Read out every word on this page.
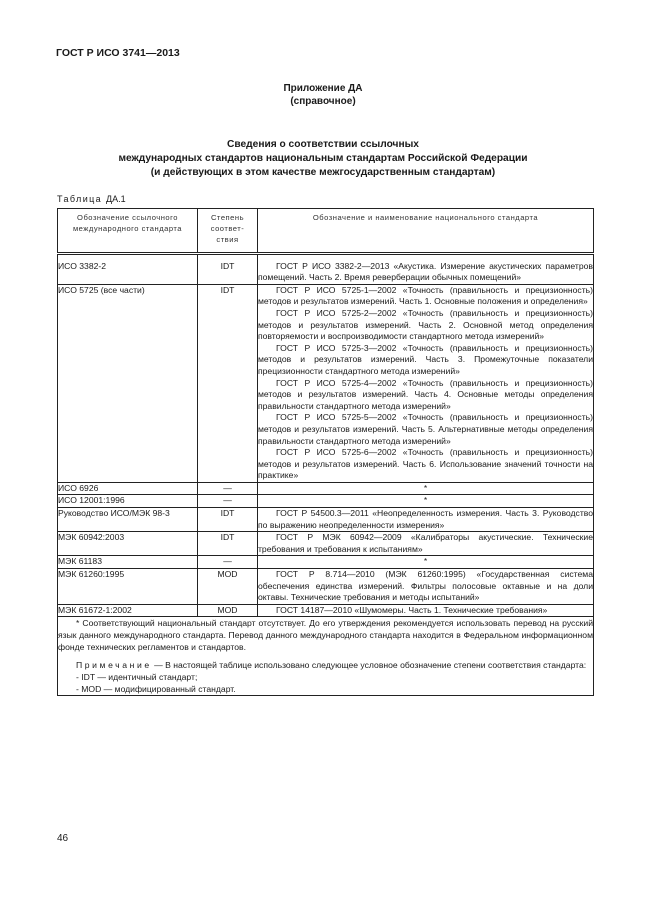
ГОСТ Р ИСО 3741—2013
Приложение ДА
(справочное)
Сведения о соответствии ссылочных
международных стандартов национальным стандартам Российской Федерации
(и действующих в этом качестве межгосударственным стандартам)
Таблица ДА.1
Обозначение ссылочного международного стандарта	Степень соответ-ствия	Обозначение и наименование национального стандарта
ИСО 3382-2	IDT	ГОСТ Р ИСО 3382-2—2013 «Акустика. Измерение акустических параметров помещений. Часть 2. Время реверберации обычных помещений»

ИСО 5725 (все части)	IDT	ГОСТ Р ИСО 5725-1—2002 «Точность (правильность и прецизионность) методов и результатов измерений. Часть 1. Основные положения и определения»
ГОСТ Р ИСО 5725-2—2002 «Точность (правильность и прецизионность) методов и результатов измерений. Часть 2. Основной метод определения повторяемости и воспроизводимости стандартного метода измерений»
ГОСТ Р ИСО 5725-3—2002 «Точность (правильность и прецизионность) методов и результатов измерений. Часть 3. Промежуточные показатели прецизионности стандартного метода измерений»
ГОСТ Р ИСО 5725-4—2002 «Точность (правильность и прецизионность) методов и результатов измерений. Часть 4. Основные методы определения правильности стандартного метода измерений»
ГОСТ Р ИСО 5725-5—2002 «Точность (правильность и прецизионность) методов и результатов измерений. Часть 5. Альтернативные методы определения правильности стандартного метода измерений»
ГОСТ Р ИСО 5725-6—2002 «Точность (правильность и прецизионность) методов и результатов измерений. Часть 6. Использование значений точности на практике»

ИСО 6926	—	*
ИСО 12001:1996	—	*
Руководство ИСО/МЭК 98-3	IDT	ГОСТ Р 54500.3—2011 «Неопределенность измерения. Часть 3. Руководство по выражению неопределенности измерения»

МЭК 60942:2003	IDT	ГОСТ Р МЭК 60942—2009 «Калибраторы акустические. Технические требования и требования к испытаниям»

МЭК 61183	—	*
МЭК 61260:1995	MOD	ГОСТ Р 8.714—2010 (МЭК 61260:1995) «Государственная система обеспечения единства измерений. Фильтры полосовые октавные и на доли октавы. Технические требования и методы испытаний»

МЭК 61672-1:2002	MOD	ГОСТ 14187—2010 «Шумомеры. Часть 1. Технические требования»

* Соответствующий национальный стандарт отсутствует. До его утверждения рекомендуется использовать перевод на русский язык данного международного стандарта. Перевод данного международного стандарта находится в Федеральном информационном фонде технических регламентов и стандартов.
Примечание — В настоящей таблице использовано следующее условное обозначение степени соответствия стандарта:
- IDT — идентичный стандарт;
- MOD — модифицированный стандарт.		
46
